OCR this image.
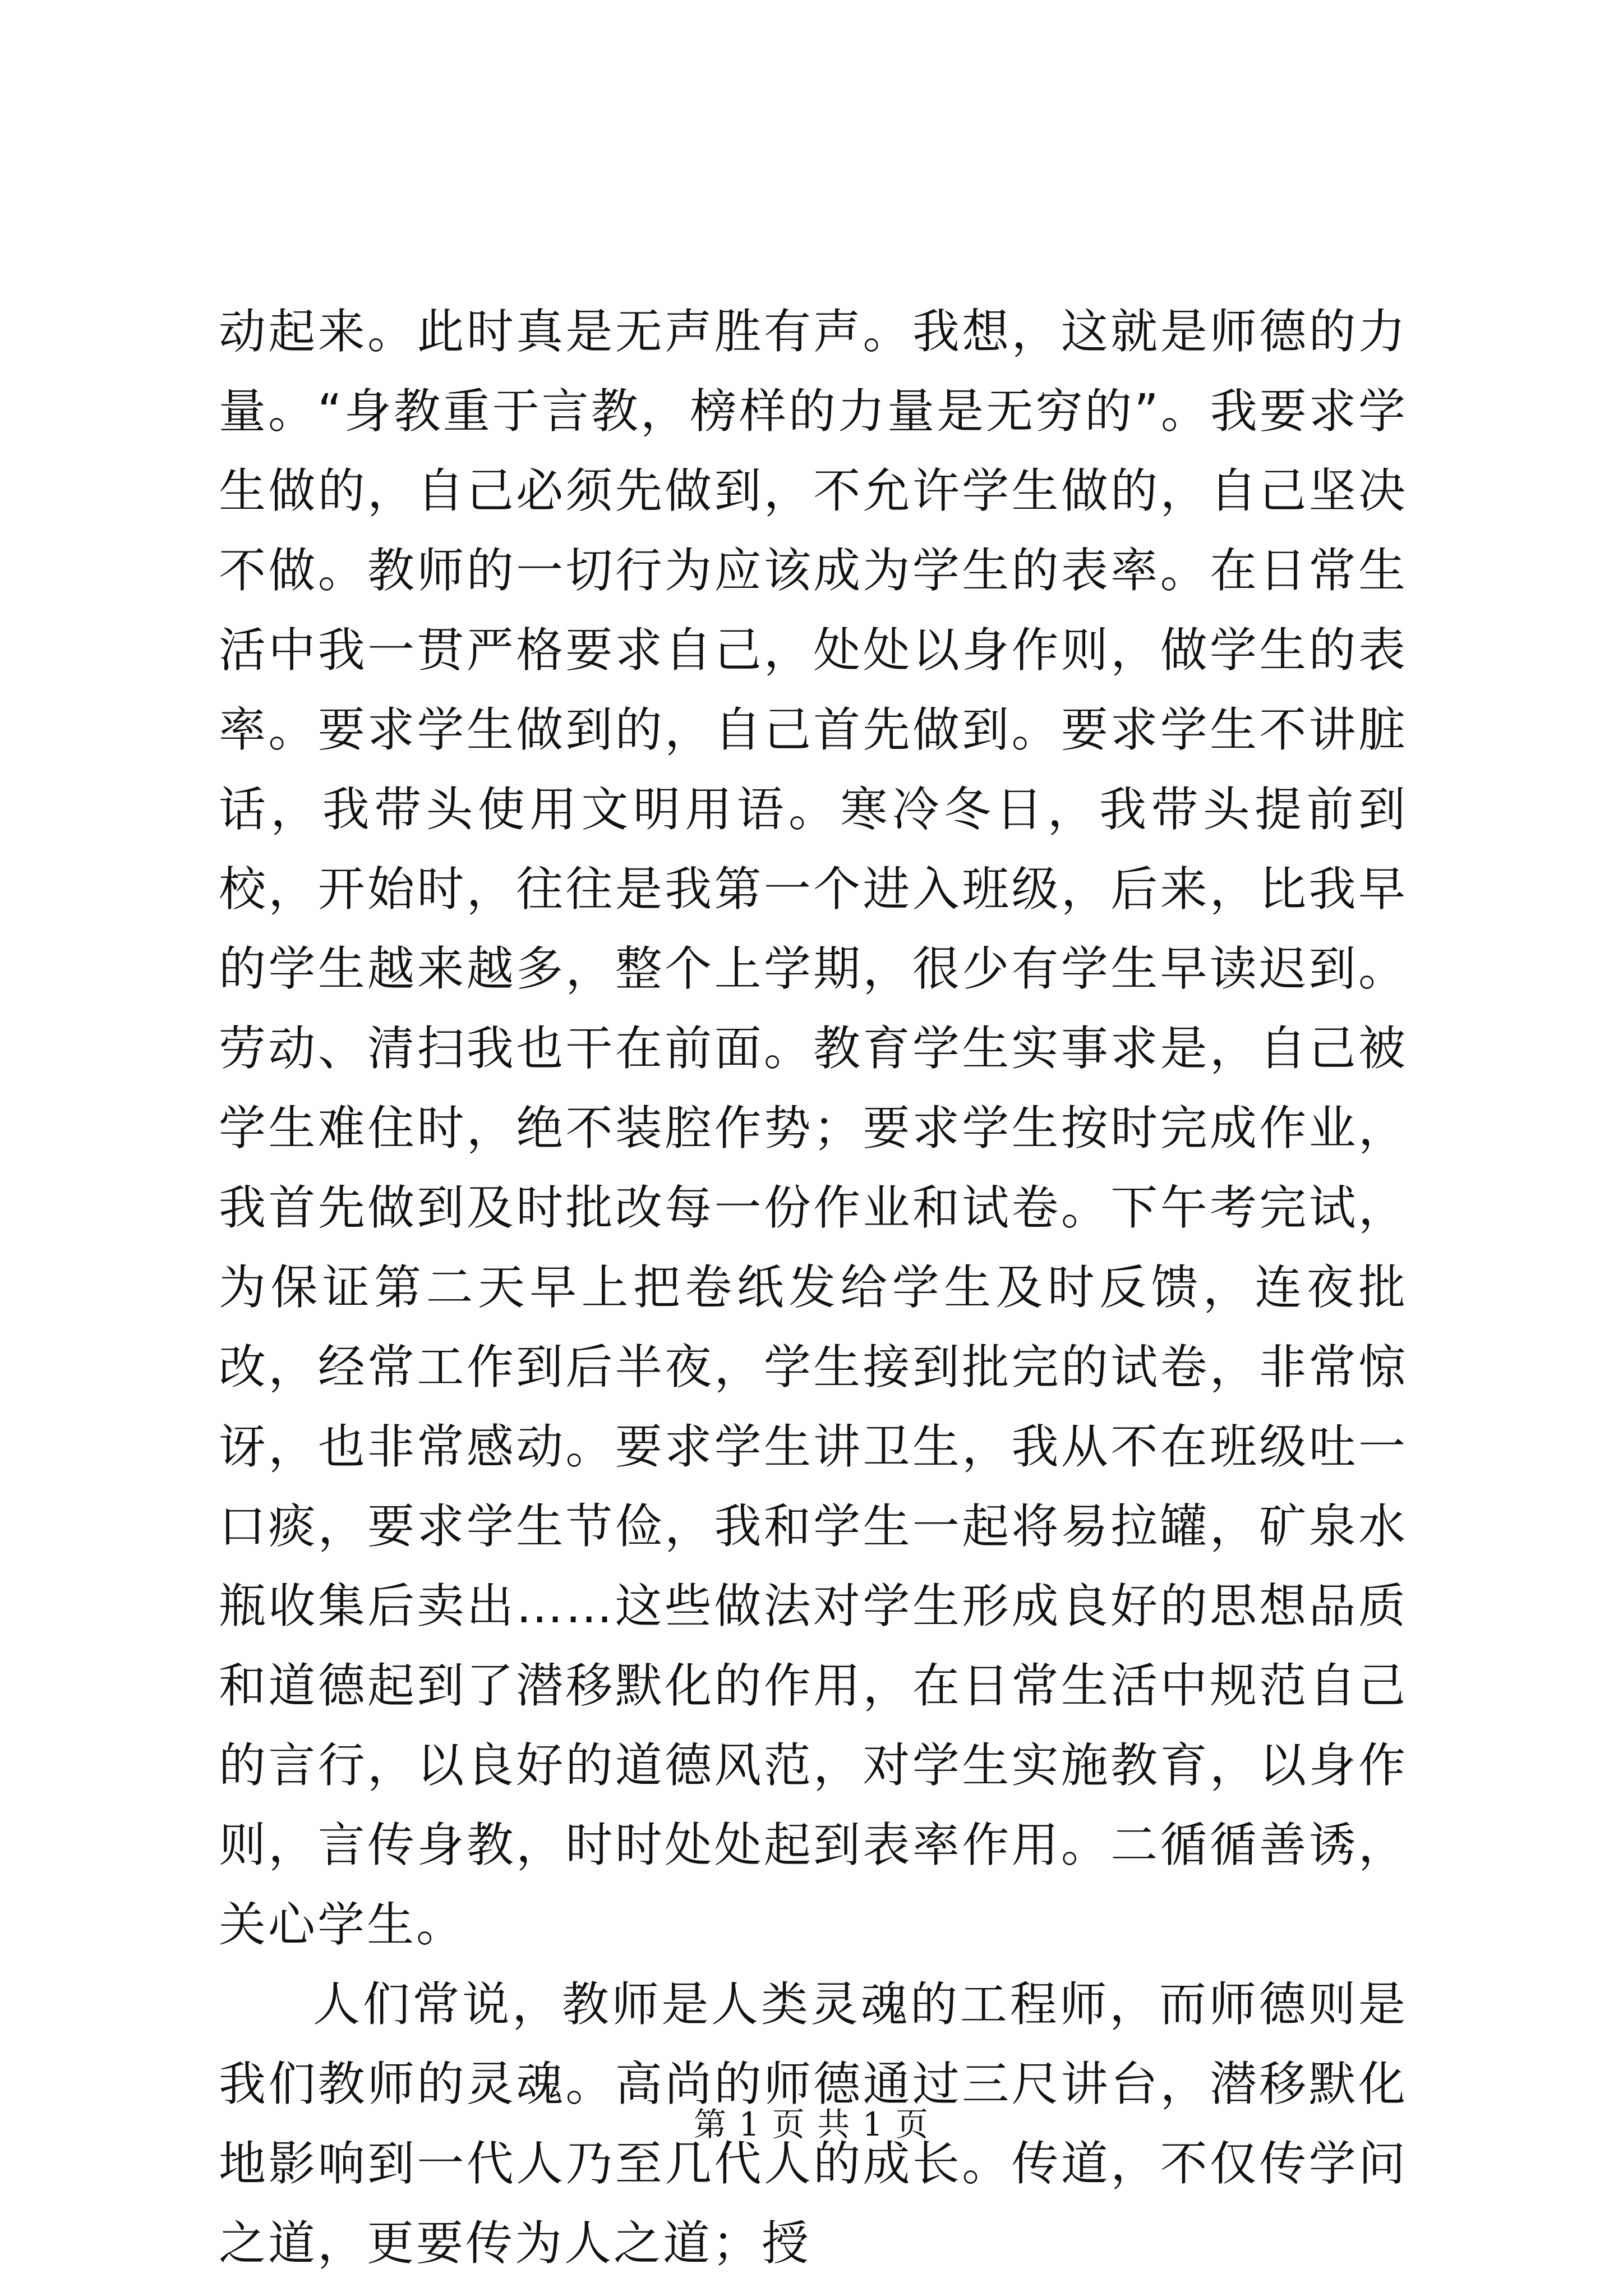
动起来。此时真是无声胜有声。我想，这就是师德的力量。“身教重于言教，榜样的力量是无穷的”。我要求学生做的，自己必须先做到，不允许学生做的，自己坚决不做。教师的一切行为应该成为学生的表率。在日常生活中我一贯严格要求自己，处处以身作则，做学生的表率。要求学生做到的，自己首先做到。要求学生不讲脏话，我带头使用文明用语。寒冷冬日，我带头提前到校，开始时，往往是我第一个进入班级，后来，比我早的学生越来越多，整个上学期，很少有学生早读迟到。劳动、清扫我也干在前面。教育学生实事求是，自己被学生难住时，绝不装腔作势；要求学生按时完成作业，我首先做到及时批改每一份作业和试卷。下午考完试，为保证第二天早上把卷纸发给学生及时反馈，连夜批改，经常工作到后半夜，学生接到批完的试卷，非常惊讶，也非常感动。要求学生讲卫生，我从不在班级吐一口痰，要求学生节俭，我和学生一起将易拉罐，矿泉水瓶收集后卖出……这些做法对学生形成良好的思想品质和道德起到了潜移默化的作用，在日常生活中规范自己的言行，以良好的道德风范，对学生实施教育，以身作则，言传身教，时时处处起到表率作用。二循循善诱，关心学生。

人们常说，教师是人类灵魂的工程师，而师德则是我们教师的灵魂。高尚的师德通过三尺讲台，潜移默化地影响到一代人乃至几代人的成长。传道，不仅传学问之道，更要传为人之道；授

第 1 页 共 1 页
